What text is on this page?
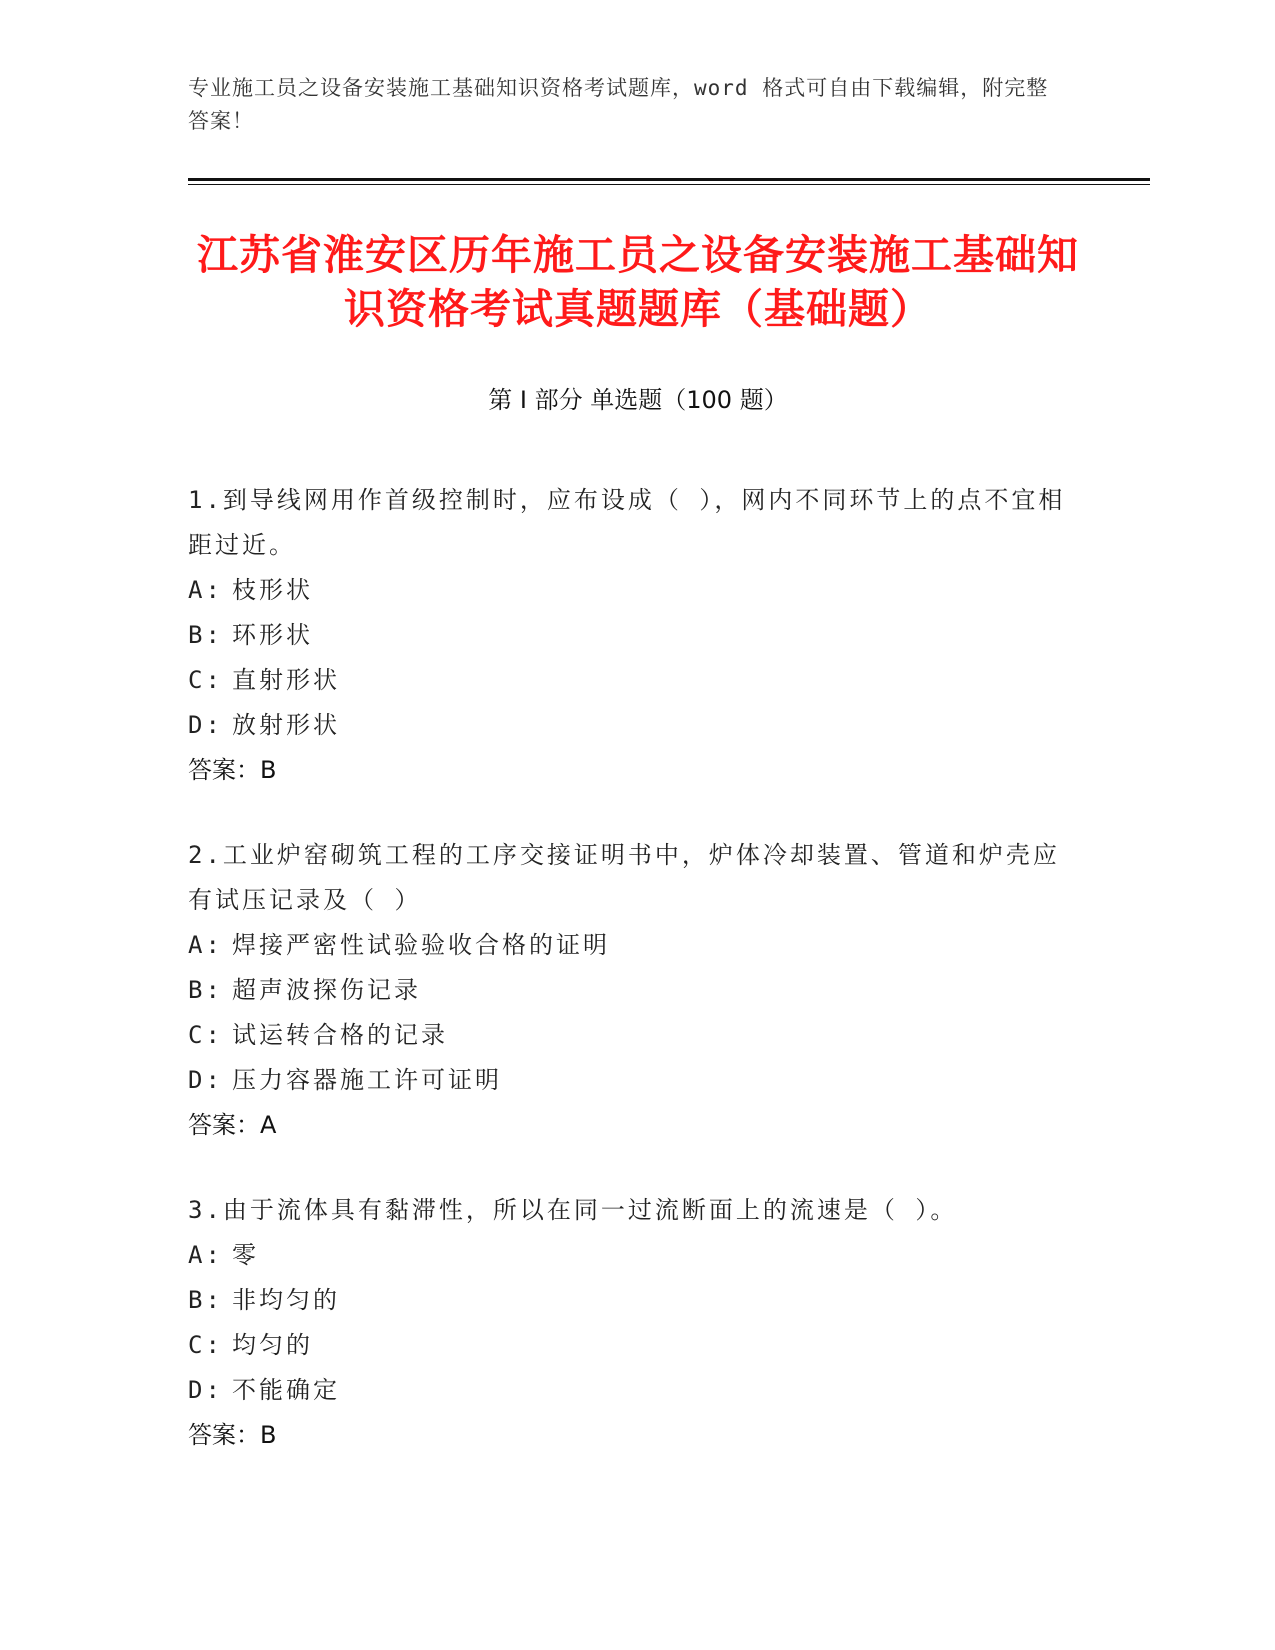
专业施工员之设备安装施工基础知识资格考试题库，word 格式可自由下载编辑，附完整答案！
江苏省淮安区历年施工员之设备安装施工基础知识资格考试真题题库（基础题）
第 I 部分 单选题（100 题）
1.到导线网用作首级控制时，应布设成（ ），网内不同环节上的点不宜相距过近。
A: 枝形状
B: 环形状
C: 直射形状
D: 放射形状
答案：B
2.工业炉窑砌筑工程的工序交接证明书中，炉体冷却装置、管道和炉壳应有试压记录及（ ）
A: 焊接严密性试验验收合格的证明
B: 超声波探伤记录
C: 试运转合格的记录
D: 压力容器施工许可证明
答案：A
3.由于流体具有黏滞性，所以在同一过流断面上的流速是（ ）。
A: 零
B: 非均匀的
C: 均匀的
D: 不能确定
答案：B
